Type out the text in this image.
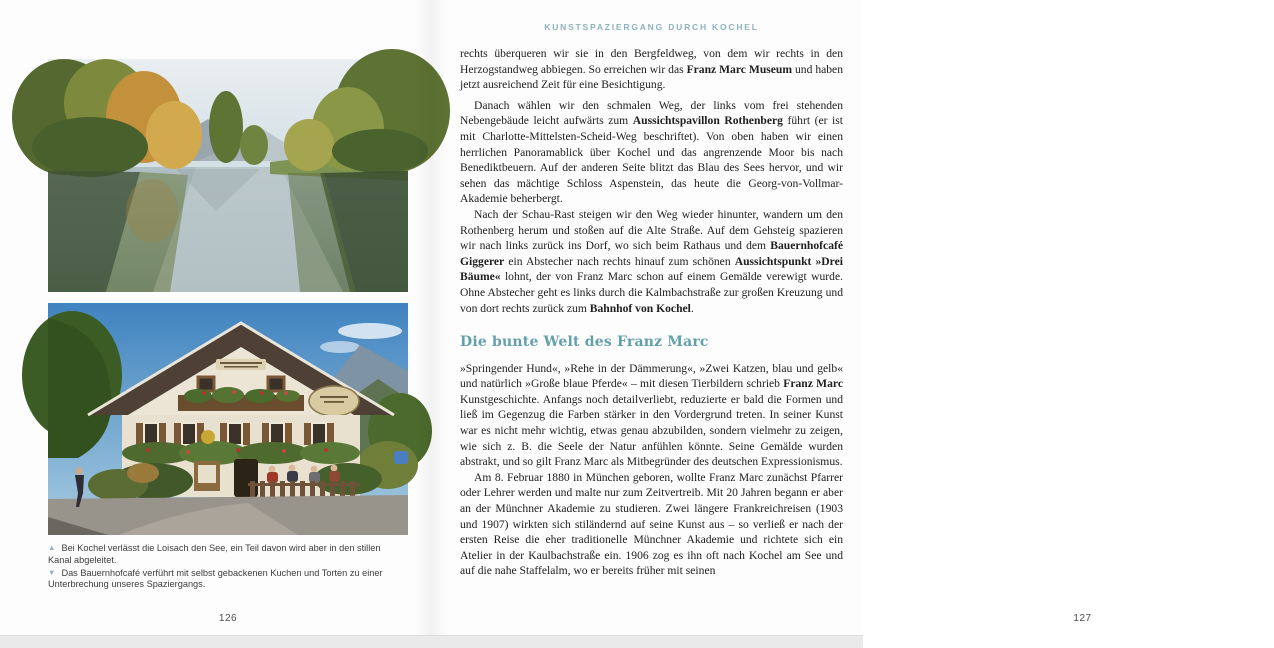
▲ Bei Kochel verlässt die Loisach den See, ein Teil davon wird aber in den stillen Kanal abgeleitet.

▼ Das Bauernhofcafé verführt mit selbst gebackenen Kuchen und Torten zu einer Unterbrechung unseres Spaziergangs.

126
KUNSTSPAZIERGANG DURCH KOCHEL

rechts überqueren wir sie in den Bergfeldweg, von dem wir rechts in den Herzogstandweg abbiegen. So erreichen wir das Franz Marc Museum und haben jetzt ausreichend Zeit für eine Besichtigung.

Danach wählen wir den schmalen Weg, der links vom frei stehenden Nebengebäude leicht aufwärts zum Aussichtspavillon Rothenberg führt (er ist mit Charlotte-Mittelsten-Scheid-Weg beschriftet). Von oben haben wir einen herrlichen Panoramablick über Kochel und das angrenzende Moor bis nach Benediktbeuern. Auf der anderen Seite blitzt das Blau des Sees hervor, und wir sehen das mächtige Schloss Aspenstein, das heute die Georg-von-Vollmar-Akademie beherbergt.

Nach der Schau-Rast steigen wir den Weg wieder hinunter, wandern um den Rothenberg herum und stoßen auf die Alte Straße. Auf dem Gehsteig spazieren wir nach links zurück ins Dorf, wo sich beim Rathaus und dem Bauernhofcafé Giggerer ein Abstecher nach rechts hinauf zum schönen Aussichtspunkt »Drei Bäume« lohnt, der von Franz Marc schon auf einem Gemälde verewigt wurde. Ohne Abstecher geht es links durch die Kalmbachstraße zur großen Kreuzung und von dort rechts zurück zum Bahnhof von Kochel.

Die bunte Welt des Franz Marc

»Springender Hund«, »Rehe in der Dämmerung«, »Zwei Katzen, blau und gelb« und natürlich »Große blaue Pferde« – mit diesen Tierbildern schrieb Franz Marc Kunstgeschichte. Anfangs noch detailverliebt, reduzierte er bald die Formen und ließ im Gegenzug die Farben stärker in den Vordergrund treten. In seiner Kunst war es nicht mehr wichtig, etwas genau abzubilden, sondern vielmehr zu zeigen, wie sich z. B. die Seele der Natur anfühlen könnte. Seine Gemälde wurden abstrakt, und so gilt Franz Marc als Mitbegründer des deutschen Expressionismus.

Am 8. Februar 1880 in München geboren, wollte Franz Marc zunächst Pfarrer oder Lehrer werden und malte nur zum Zeitvertreib. Mit 20 Jahren begann er aber an der Münchner Akademie zu studieren. Zwei längere Frankreichreisen (1903 und 1907) wirkten sich stiländernd auf seine Kunst aus – so verließ er nach der ersten Reise die eher traditionelle Münchner Akademie und richtete sich ein Atelier in der Kaulbachstraße ein. 1906 zog es ihn oft nach Kochel am See und auf die nahe Staffelalm, wo er bereits früher mit seinen

127
